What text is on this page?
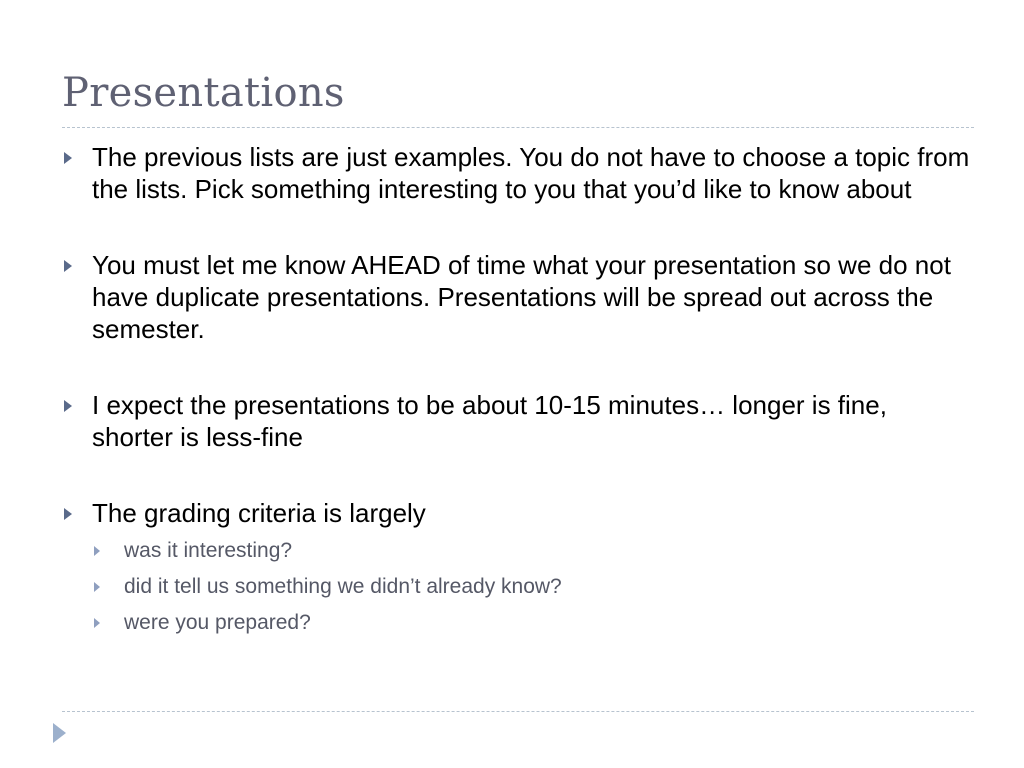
Presentations
The previous lists are just examples. You do not have to choose a topic from the lists. Pick something interesting to you that you’d like to know about
You must let me know AHEAD of time what your presentation so we do not have duplicate presentations. Presentations will be spread out across the semester.
I expect the presentations to be about 10-15 minutes… longer is fine, shorter is less-fine
The grading criteria is largely
was it interesting?
did it tell us something we didn’t already know?
were you prepared?
